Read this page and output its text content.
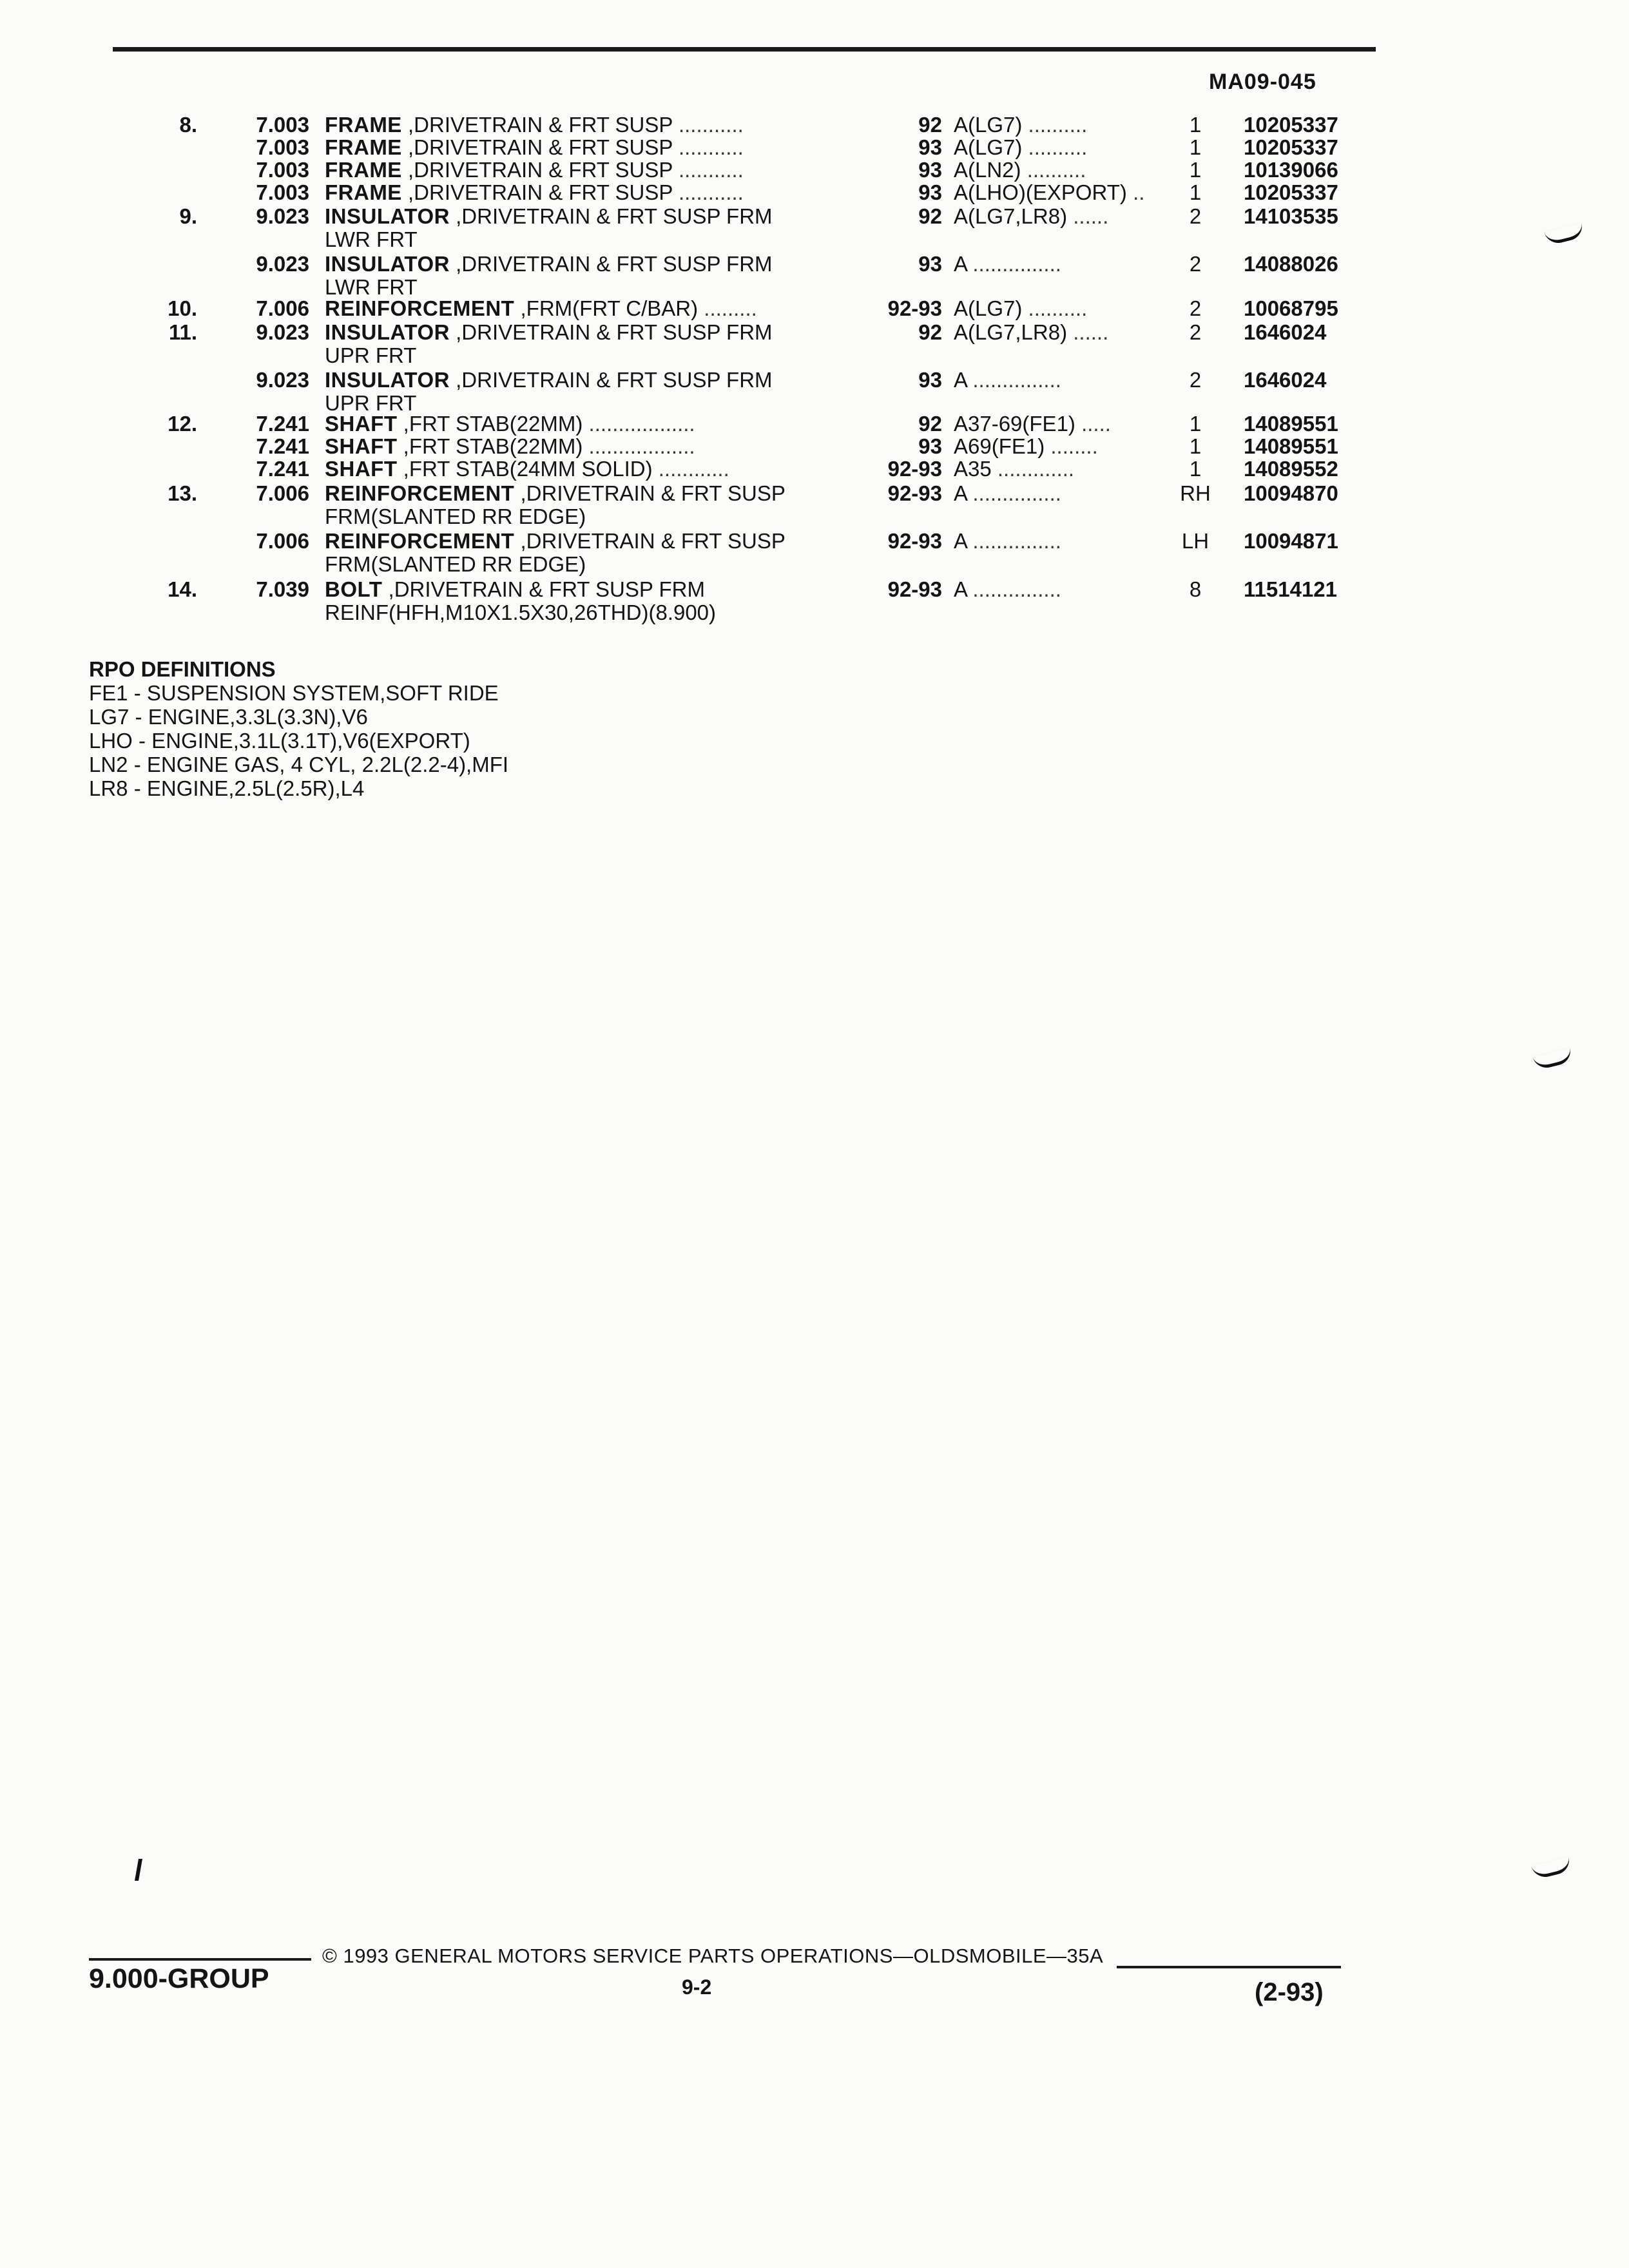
MA09-045
8.	7.003 FRAME ,DRIVETRAIN & FRT SUSP ...........	92 A(LG7) ..........	1	10205337
7.003 FRAME ,DRIVETRAIN & FRT SUSP ...........	93 A(LG7) ..........	1	10205337
7.003 FRAME ,DRIVETRAIN & FRT SUSP ...........	93 A(LN2) ..........	1	10139066
7.003 FRAME ,DRIVETRAIN & FRT SUSP ...........	93 A(LHO)(EXPORT) ..	1	10205337
9.	9.023 INSULATOR ,DRIVETRAIN & FRT SUSP FRM
LWR FRT
92 A(LG7,LR8) ......	2	14103535
9.023 INSULATOR ,DRIVETRAIN & FRT SUSP FRM
LWR FRT
93 A ...............	2	14088026
10.	7.006 REINFORCEMENT ,FRM(FRT C/BAR) .........	92-93 A(LG7) ..........	2	10068795
11.	9.023 INSULATOR ,DRIVETRAIN & FRT SUSP FRM
UPR FRT
92 A(LG7,LR8) ......	2	1646024
9.023 INSULATOR ,DRIVETRAIN & FRT SUSP FRM
UPR FRT
93 A ...............	2	1646024
12.	7.241 SHAFT ,FRT STAB(22MM) ..................	92 A37-69(FE1) .....	1	14089551
7.241 SHAFT ,FRT STAB(22MM) ..................	93 A69(FE1) ........	1	14089551
7.241 SHAFT ,FRT STAB(24MM SOLID) ............	92-93 A35 .............	1	14089552
13.	7.006 REINFORCEMENT ,DRIVETRAIN & FRT SUSP
FRM(SLANTED RR EDGE)
92-93 A ...............	RH	10094870
7.006 REINFORCEMENT ,DRIVETRAIN & FRT SUSP
FRM(SLANTED RR EDGE)
92-93 A ...............	LH	10094871
14.	7.039 BOLT ,DRIVETRAIN & FRT SUSP FRM
REINF(HFH,M10X1.5X30,26THD)(8.900)
92-93 A ...............	8	11514121
RPO DEFINITIONS
FE1 - SUSPENSION SYSTEM,SOFT RIDE
LG7 - ENGINE,3.3L(3.3N),V6
LHO - ENGINE,3.1L(3.1T),V6(EXPORT)
LN2 - ENGINE GAS, 4 CYL, 2.2L(2.2-4),MFI
LR8 - ENGINE,2.5L(2.5R),L4
© 1993 GENERAL MOTORS SERVICE PARTS OPERATIONS—OLDSMOBILE—35A
9.000-GROUP	9-2	(2-93)
